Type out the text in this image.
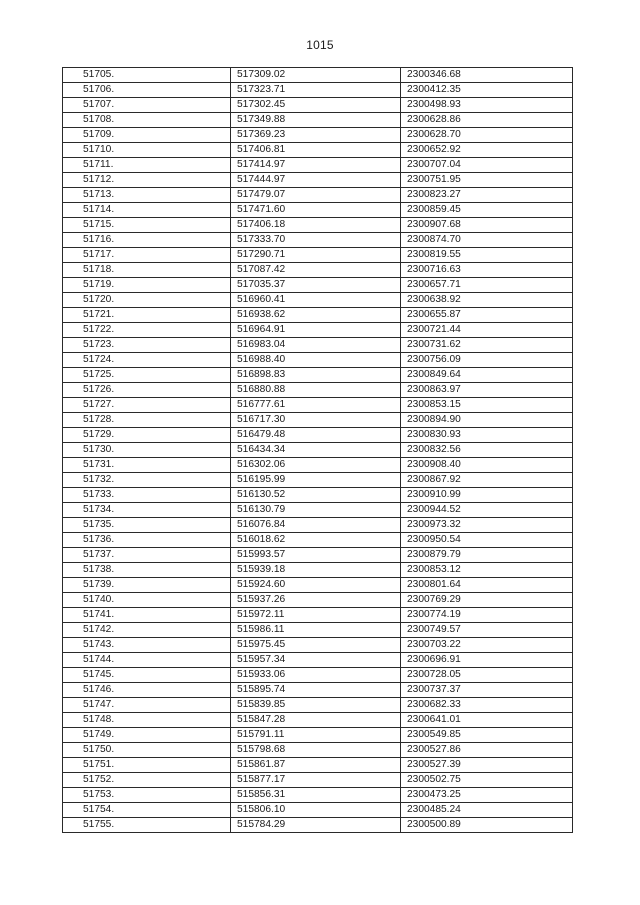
1015
51705.	517309.02	2300346.68
51706.	517323.71	2300412.35
51707.	517302.45	2300498.93
51708.	517349.88	2300628.86
51709.	517369.23	2300628.70
51710.	517406.81	2300652.92
51711.	517414.97	2300707.04
51712.	517444.97	2300751.95
51713.	517479.07	2300823.27
51714.	517471.60	2300859.45
51715.	517406.18	2300907.68
51716.	517333.70	2300874.70
51717.	517290.71	2300819.55
51718.	517087.42	2300716.63
51719.	517035.37	2300657.71
51720.	516960.41	2300638.92
51721.	516938.62	2300655.87
51722.	516964.91	2300721.44
51723.	516983.04	2300731.62
51724.	516988.40	2300756.09
51725.	516898.83	2300849.64
51726.	516880.88	2300863.97
51727.	516777.61	2300853.15
51728.	516717.30	2300894.90
51729.	516479.48	2300830.93
51730.	516434.34	2300832.56
51731.	516302.06	2300908.40
51732.	516195.99	2300867.92
51733.	516130.52	2300910.99
51734.	516130.79	2300944.52
51735.	516076.84	2300973.32
51736.	516018.62	2300950.54
51737.	515993.57	2300879.79
51738.	515939.18	2300853.12
51739.	515924.60	2300801.64
51740.	515937.26	2300769.29
51741.	515972.11	2300774.19
51742.	515986.11	2300749.57
51743.	515975.45	2300703.22
51744.	515957.34	2300696.91
51745.	515933.06	2300728.05
51746.	515895.74	2300737.37
51747.	515839.85	2300682.33
51748.	515847.28	2300641.01
51749.	515791.11	2300549.85
51750.	515798.68	2300527.86
51751.	515861.87	2300527.39
51752.	515877.17	2300502.75
51753.	515856.31	2300473.25
51754.	515806.10	2300485.24
51755.	515784.29	2300500.89
